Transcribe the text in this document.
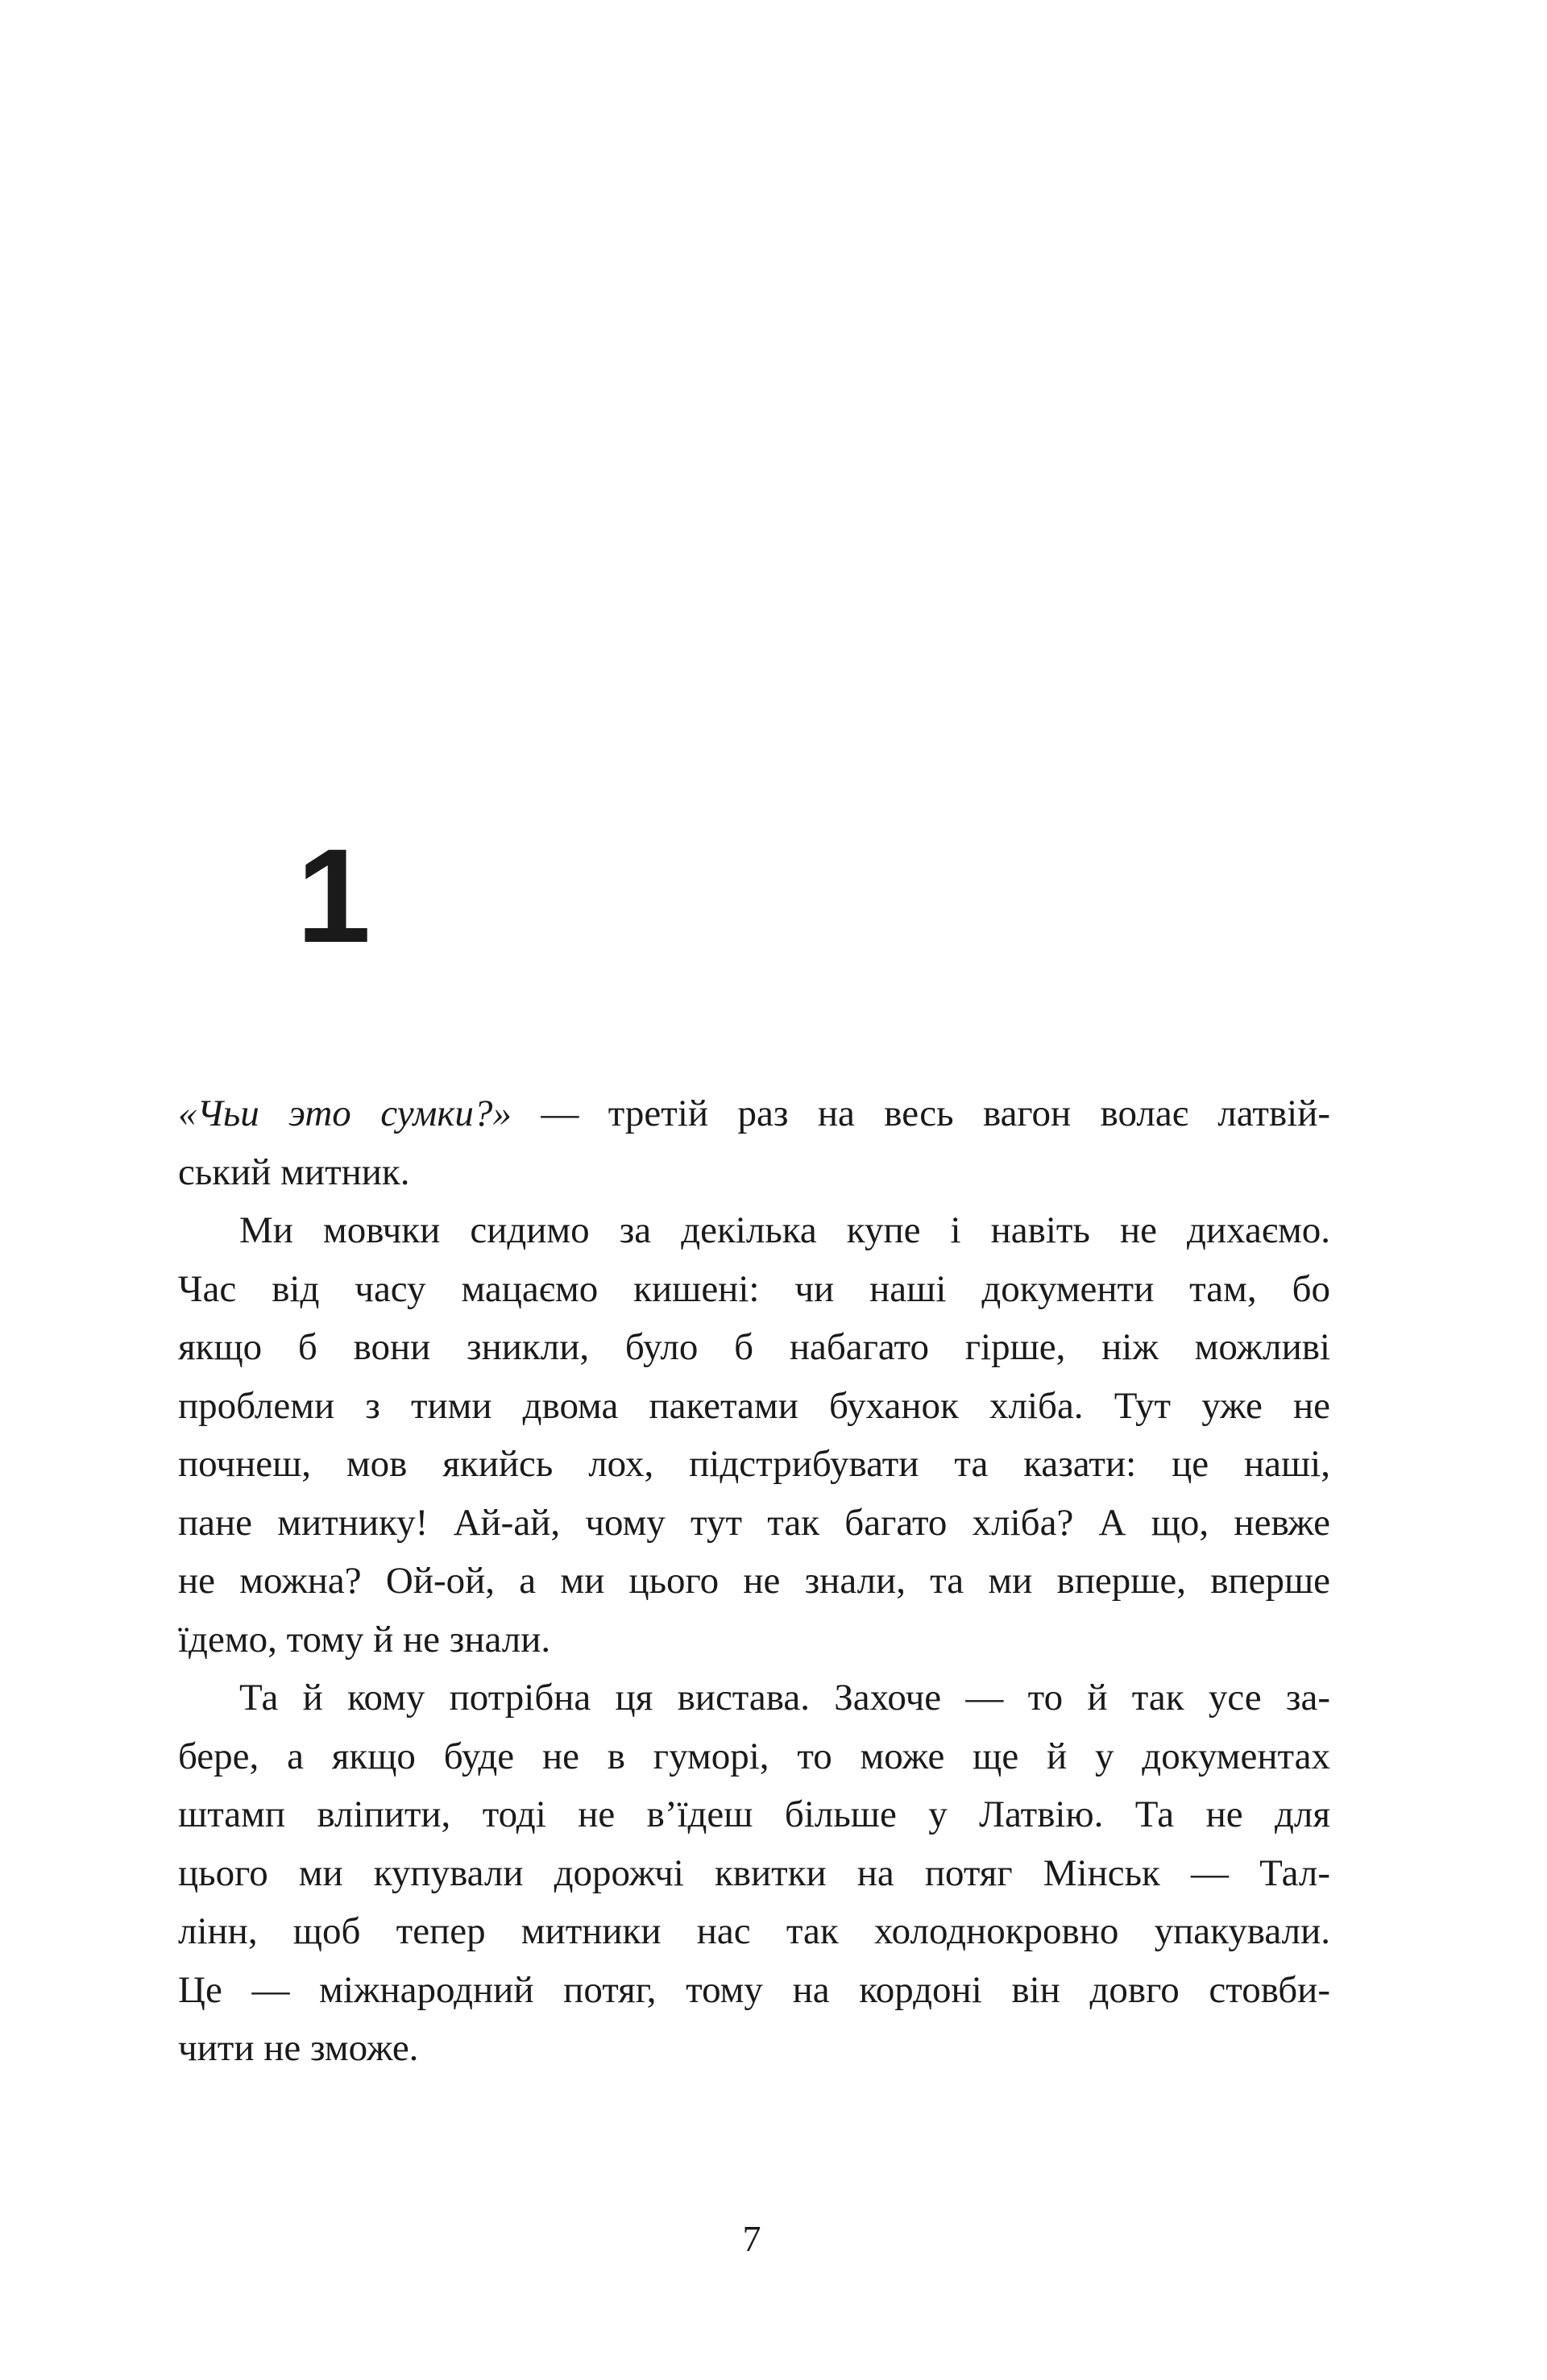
1
«Чьи это сумки?» — третій раз на весь вагон волає латвій-
ський митник.
Ми мовчки сидимо за декілька купе і навіть не дихаємо.
Час від часу мацаємо кишені: чи наші документи там, бо
якщо б вони зникли, було б набагато гірше, ніж можливі
проблеми з тими двома пакетами буханок хліба. Тут уже не
почнеш, мов якийсь лох, підстрибувати та казати: це наші,
пане митнику! Ай-ай, чому тут так багато хліба? А що, невже
не можна? Ой-ой, а ми цього не знали, та ми вперше, вперше
їдемо, тому й не знали.
Та й кому потрібна ця вистава. Захоче — то й так усе за-
бере, а якщо буде не в гуморі, то може ще й у документах
штамп вліпити, тоді не в’їдеш більше у Латвію. Та не для
цього ми купували дорожчі квитки на потяг Мінськ — Тал-
лінн, щоб тепер митники нас так холоднокровно упакували.
Це — міжнародний потяг, тому на кордоні він довго стовби-
чити не зможе.
7
